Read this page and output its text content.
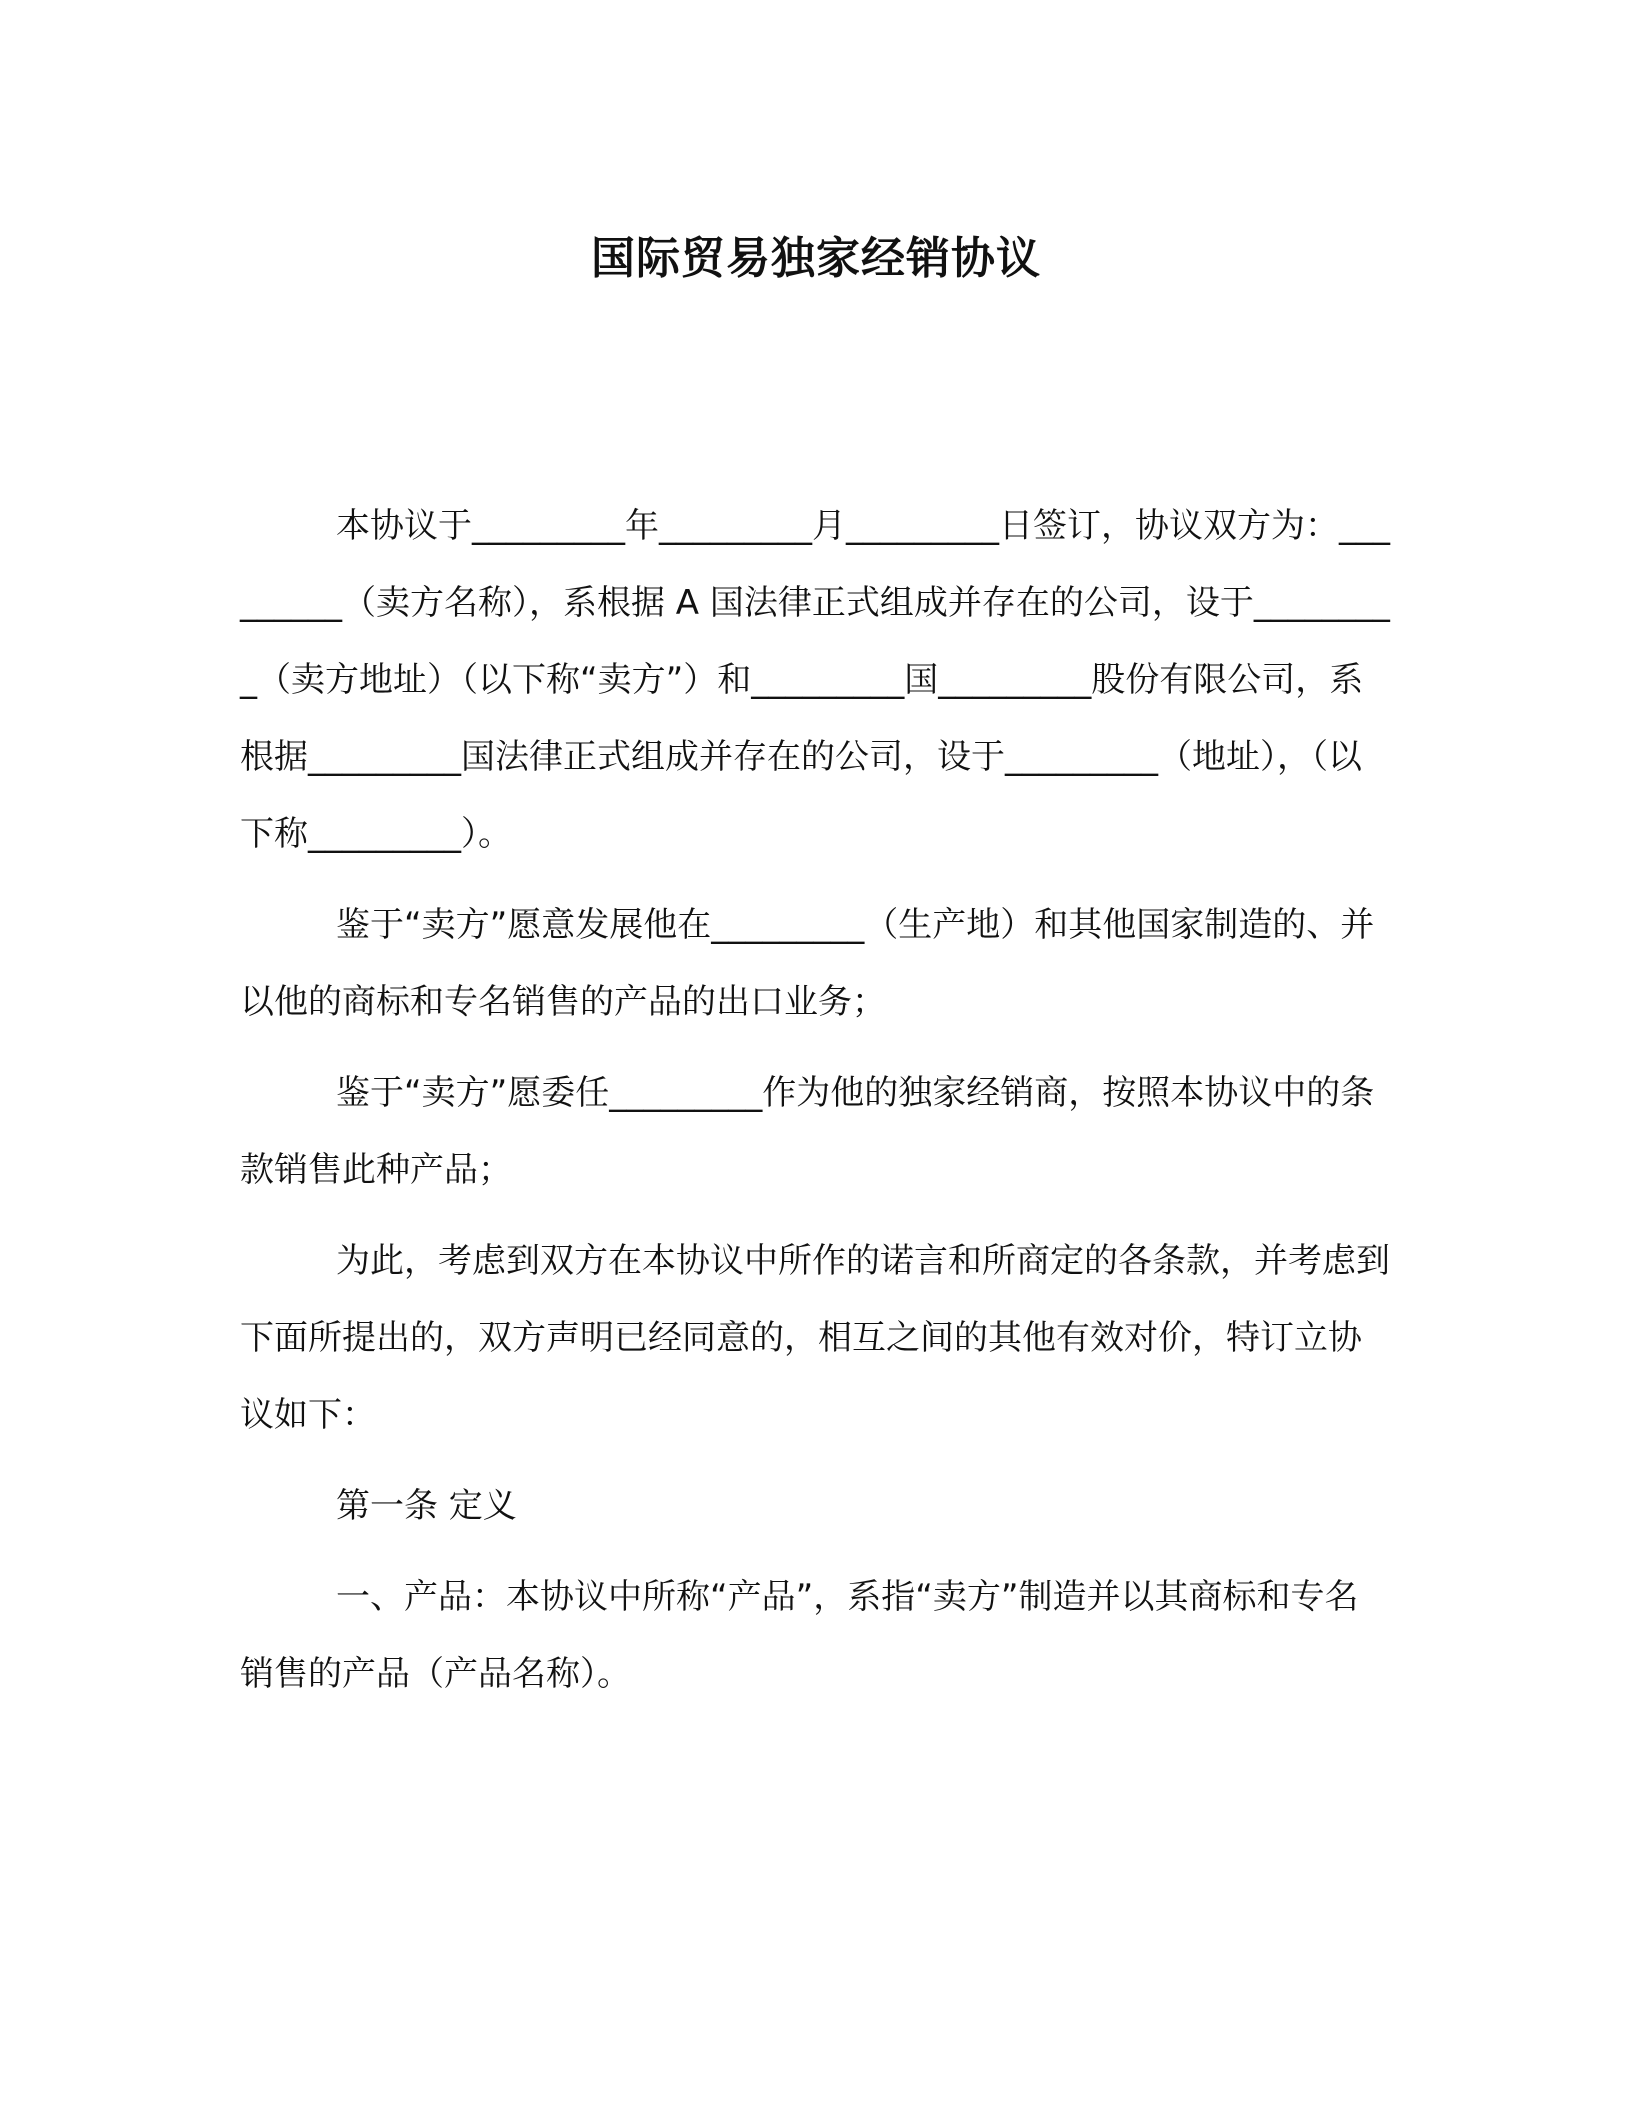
国际贸易独家经销协议

本协议于_________年_________月_________日签订，协议双方为：_________（卖方名称），系根据 A 国法律正式组成并存在的公司，设于_________（卖方地址）（以下称“卖方”）和_________国_________股份有限公司，系根据_________国法律正式组成并存在的公司，设于_________（地址），（以下称_________）。

鉴于“卖方”愿意发展他在_________（生产地）和其他国家制造的、并以他的商标和专名销售的产品的出口业务；

鉴于“卖方”愿委任_________作为他的独家经销商，按照本协议中的条款销售此种产品；

为此，考虑到双方在本协议中所作的诺言和所商定的各条款，并考虑到下面所提出的，双方声明已经同意的，相互之间的其他有效对价，特订立协议如下：

第一条 定义

一、产品：本协议中所称“产品”，系指“卖方”制造并以其商标和专名销售的产品（产品名称）。
